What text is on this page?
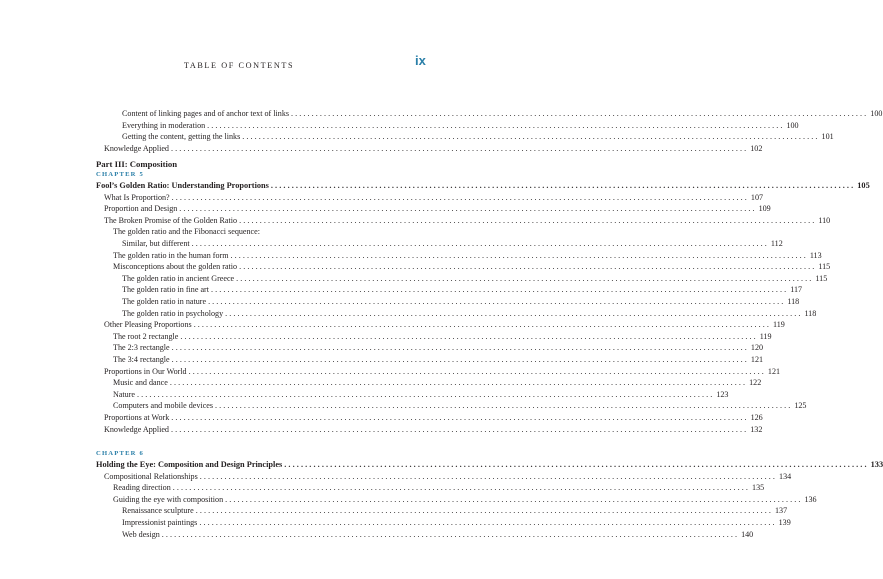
TABLE OF CONTENTS	ix
Content of linking pages and of anchor text of links ............................................................................................................................................ 100
Everything in moderation ............................................................................................................................................ 100
Getting the content, getting the links ............................................................................................................................................ 101
Knowledge Applied ............................................................................................................................................ 102
Part III: Composition
CHAPTER 5
Fool’s Golden Ratio: Understanding Proportions ............................................................................................................................................ 105
What Is Proportion? ............................................................................................................................................ 107
Proportion and Design ............................................................................................................................................ 109
The Broken Promise of the Golden Ratio ............................................................................................................................................ 110
The golden ratio and the Fibonacci sequence:
Similar, but different ............................................................................................................................................ 112
The golden ratio in the human form ............................................................................................................................................ 113
Misconceptions about the golden ratio ............................................................................................................................................ 115
The golden ratio in ancient Greece ............................................................................................................................................ 115
The golden ratio in fine art ............................................................................................................................................ 117
The golden ratio in nature ............................................................................................................................................ 118
The golden ratio in psychology ............................................................................................................................................ 118
Other Pleasing Proportions ............................................................................................................................................ 119
The root 2 rectangle ............................................................................................................................................ 119
The 2:3 rectangle ............................................................................................................................................ 120
The 3:4 rectangle ............................................................................................................................................ 121
Proportions in Our World ............................................................................................................................................ 121
Music and dance ............................................................................................................................................ 122
Nature ............................................................................................................................................ 123
Computers and mobile devices ............................................................................................................................................ 125
Proportions at Work ............................................................................................................................................ 126
Knowledge Applied ............................................................................................................................................ 132
CHAPTER 6
Holding the Eye: Composition and Design Principles ............................................................................................................................................ 133
Compositional Relationships ............................................................................................................................................ 134
Reading direction ............................................................................................................................................ 135
Guiding the eye with composition ............................................................................................................................................ 136
Renaissance sculpture ............................................................................................................................................ 137
Impressionist paintings ............................................................................................................................................ 139
Web design ............................................................................................................................................ 140
